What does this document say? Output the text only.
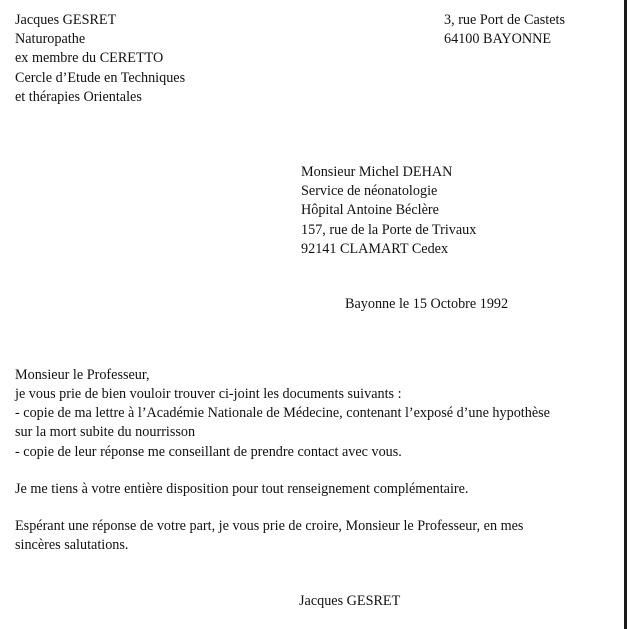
Jacques GESRET
Naturopathe
ex membre du CERETTO
Cercle d’Etude en Techniques
et thérapies Orientales
3, rue Port de Castets
64100 BAYONNE
Monsieur Michel DEHAN
Service de néonatologie
Hôpital Antoine Béclère
157, rue de la Porte de Trivaux
92141 CLAMART Cedex
Bayonne le 15 Octobre 1992
Monsieur le Professeur,
je vous prie de bien vouloir trouver ci-joint les documents suivants :
- copie de ma lettre à l’Académie Nationale de Médecine, contenant l’exposé d’une hypothèse
sur la mort subite du nourrisson
- copie de leur réponse me conseillant de prendre contact avec vous.
Je me tiens à votre entière disposition pour tout renseignement complémentaire.
Espérant une réponse de votre part, je vous prie de croire, Monsieur le Professeur, en mes
sincères salutations.
Jacques GESRET
